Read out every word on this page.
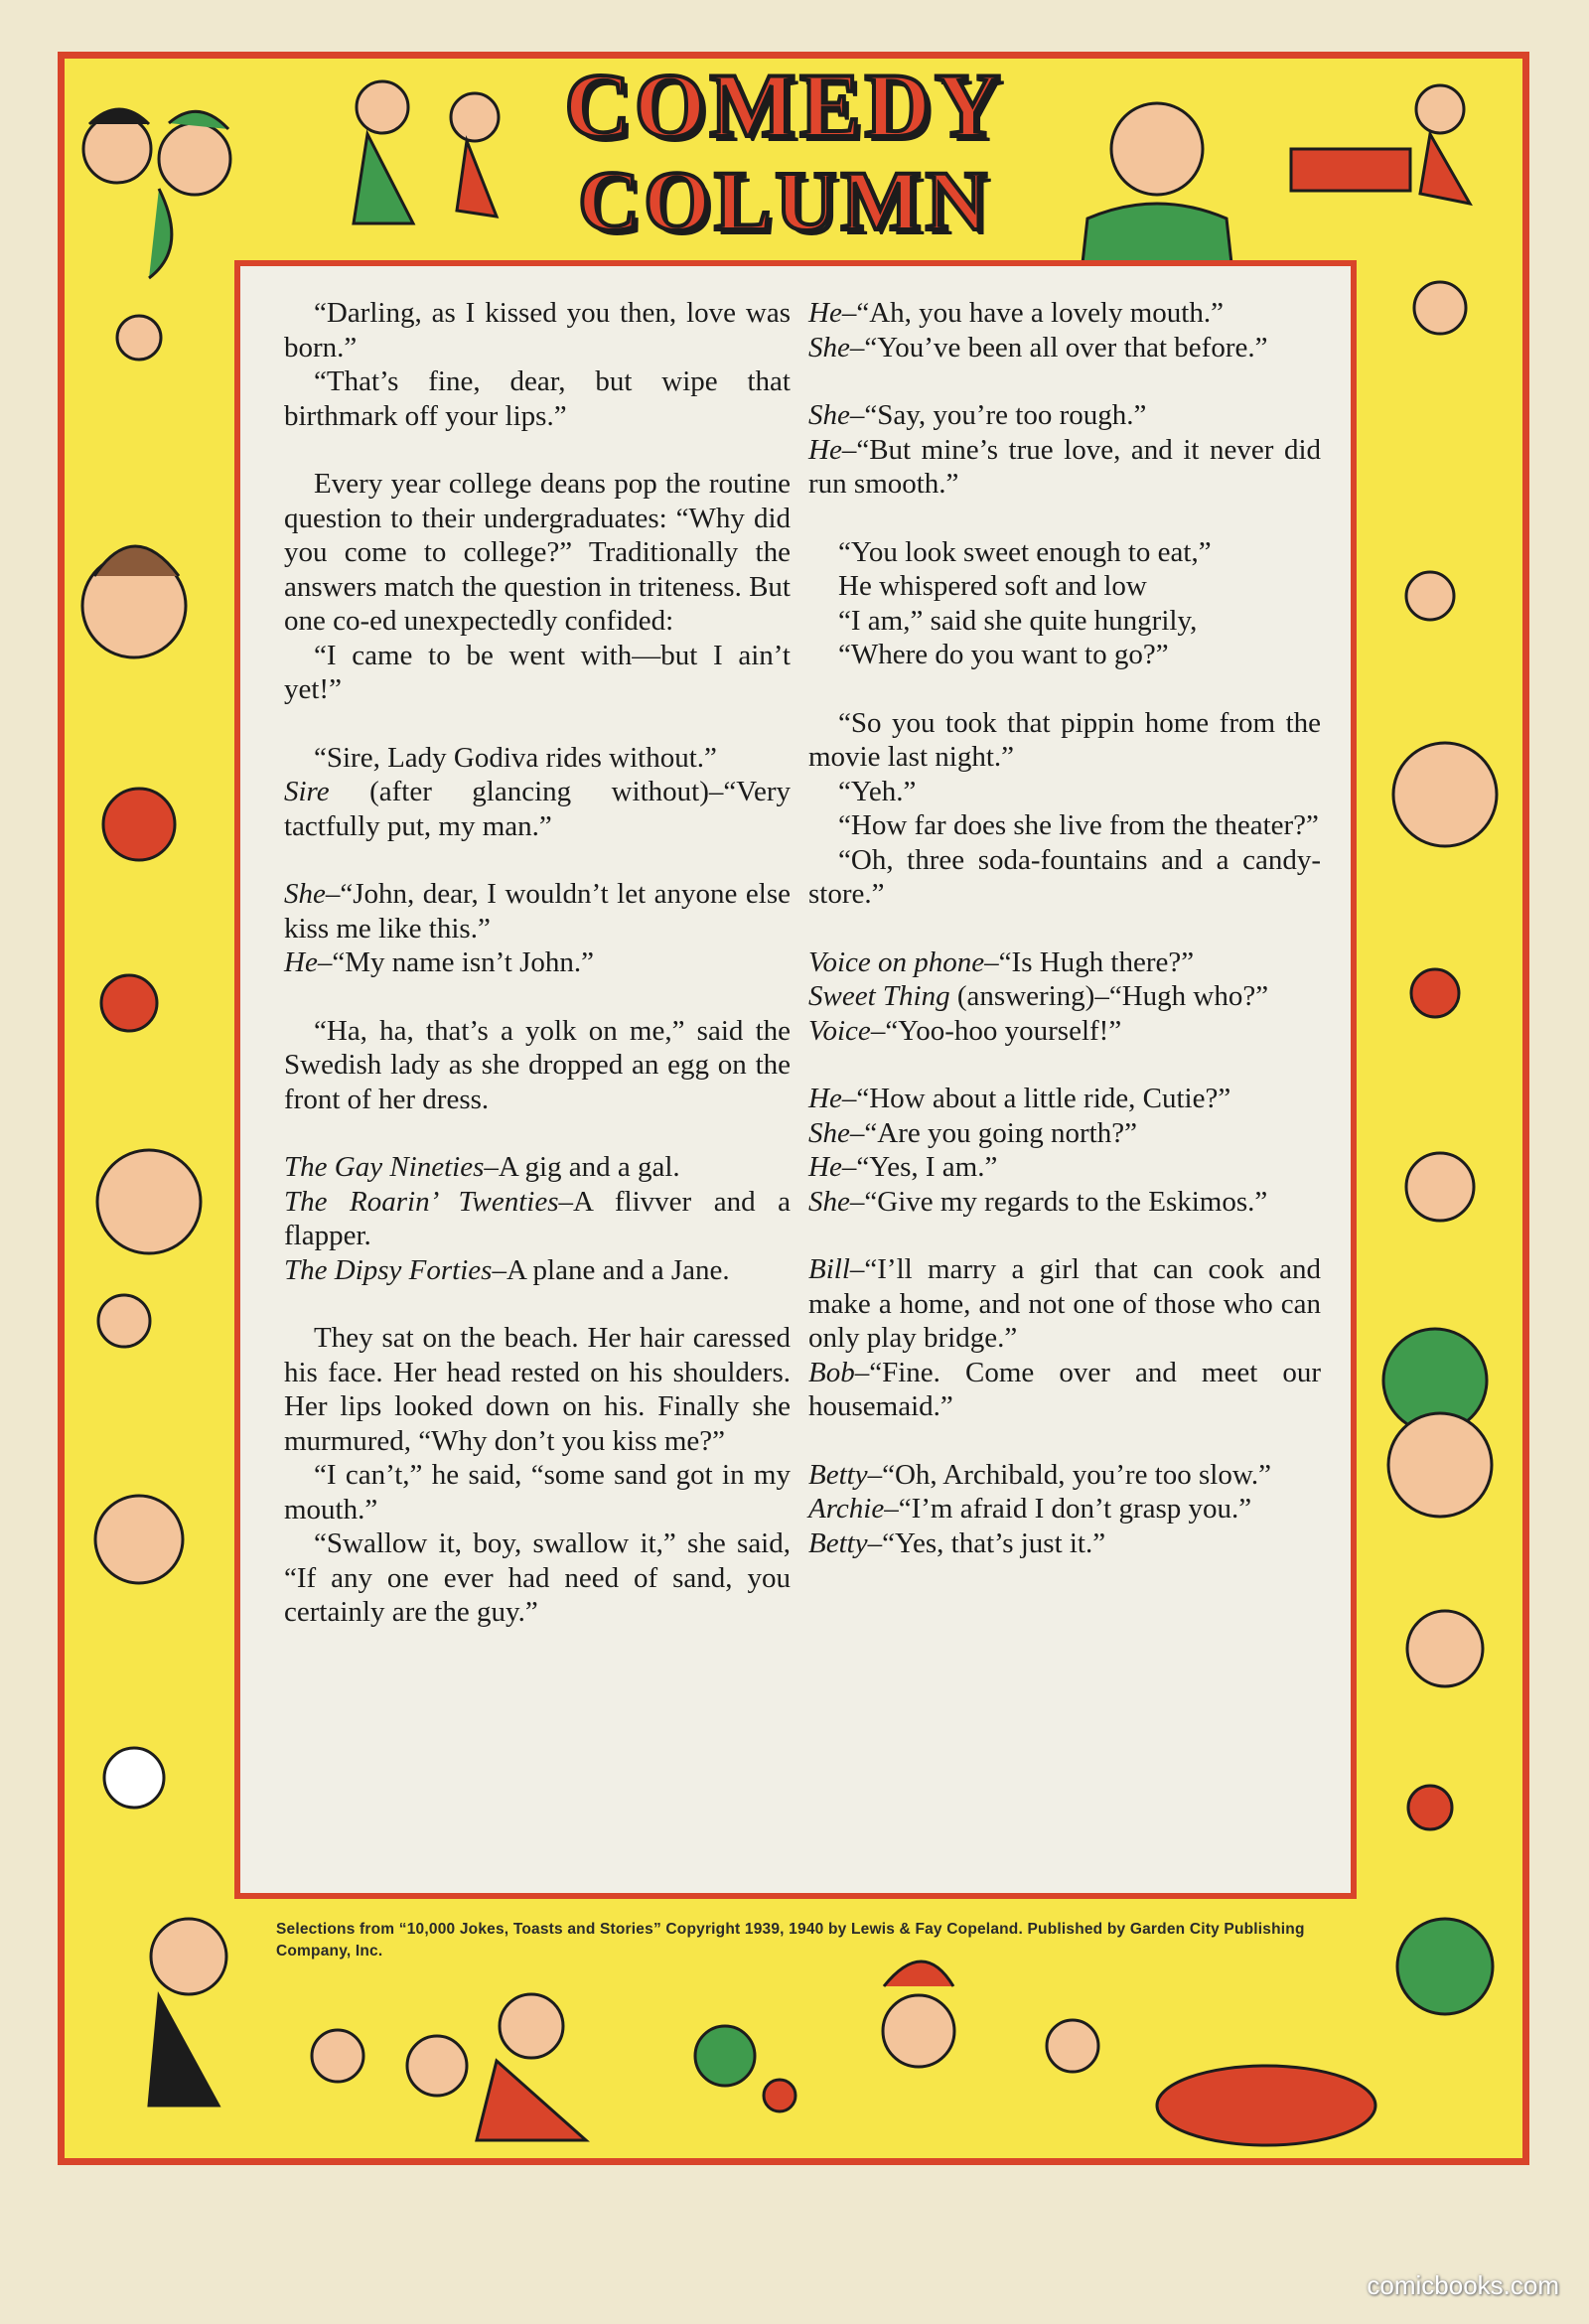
COMEDY
COLUMN

“Darling, as I kissed you then, love was born.”

“That’s fine, dear, but wipe that birthmark off your lips.”

Every year college deans pop the routine question to their undergraduates: “Why did you come to college?” Traditionally the answers match the question in triteness. But one co-ed unexpectedly confided:

“I came to be went with—but I ain’t yet!”

“Sire, Lady Godiva rides without.”

Sire (after glancing without)–“Very tactfully put, my man.”

She–“John, dear, I wouldn’t let anyone else kiss me like this.”

He–“My name isn’t John.”

“Ha, ha, that’s a yolk on me,” said the Swedish lady as she dropped an egg on the front of her dress.

The Gay Nineties–A gig and a gal.

The Roarin’ Twenties–A flivver and a flapper.

The Dipsy Forties–A plane and a Jane.

They sat on the beach. Her hair caressed his face. Her head rested on his shoulders. Her lips looked down on his. Finally she murmured, “Why don’t you kiss me?”

“I can’t,” he said, “some sand got in my mouth.”

“Swallow it, boy, swallow it,” she said, “If any one ever had need of sand, you certainly are the guy.”

He–“Ah, you have a lovely mouth.”

She–“You’ve been all over that before.”

She–“Say, you’re too rough.”

He–“But mine’s true love, and it never did run smooth.”

“You look sweet enough to eat,”

He whispered soft and low

“I am,” said she quite hungrily,

“Where do you want to go?”

“So you took that pippin home from the movie last night.”

“Yeh.”

“How far does she live from the theater?”

“Oh, three soda-fountains and a candy-store.”

Voice on phone–“Is Hugh there?”

Sweet Thing (answering)–“Hugh who?”

Voice–“Yoo-hoo yourself!”

He–“How about a little ride, Cutie?”

She–“Are you going north?”

He–“Yes, I am.”

She–“Give my regards to the Eskimos.”

Bill–“I’ll marry a girl that can cook and make a home, and not one of those who can only play bridge.”

Bob–“Fine. Come over and meet our housemaid.”

Betty–“Oh, Archibald, you’re too slow.”

Archie–“I’m afraid I don’t grasp you.”

Betty–“Yes, that’s just it.”

Selections from “10,000 Jokes, Toasts and Stories” Copyright 1939, 1940 by Lewis & Fay Copeland. Published by Garden City Publishing Company, Inc.
comicbooks.com
